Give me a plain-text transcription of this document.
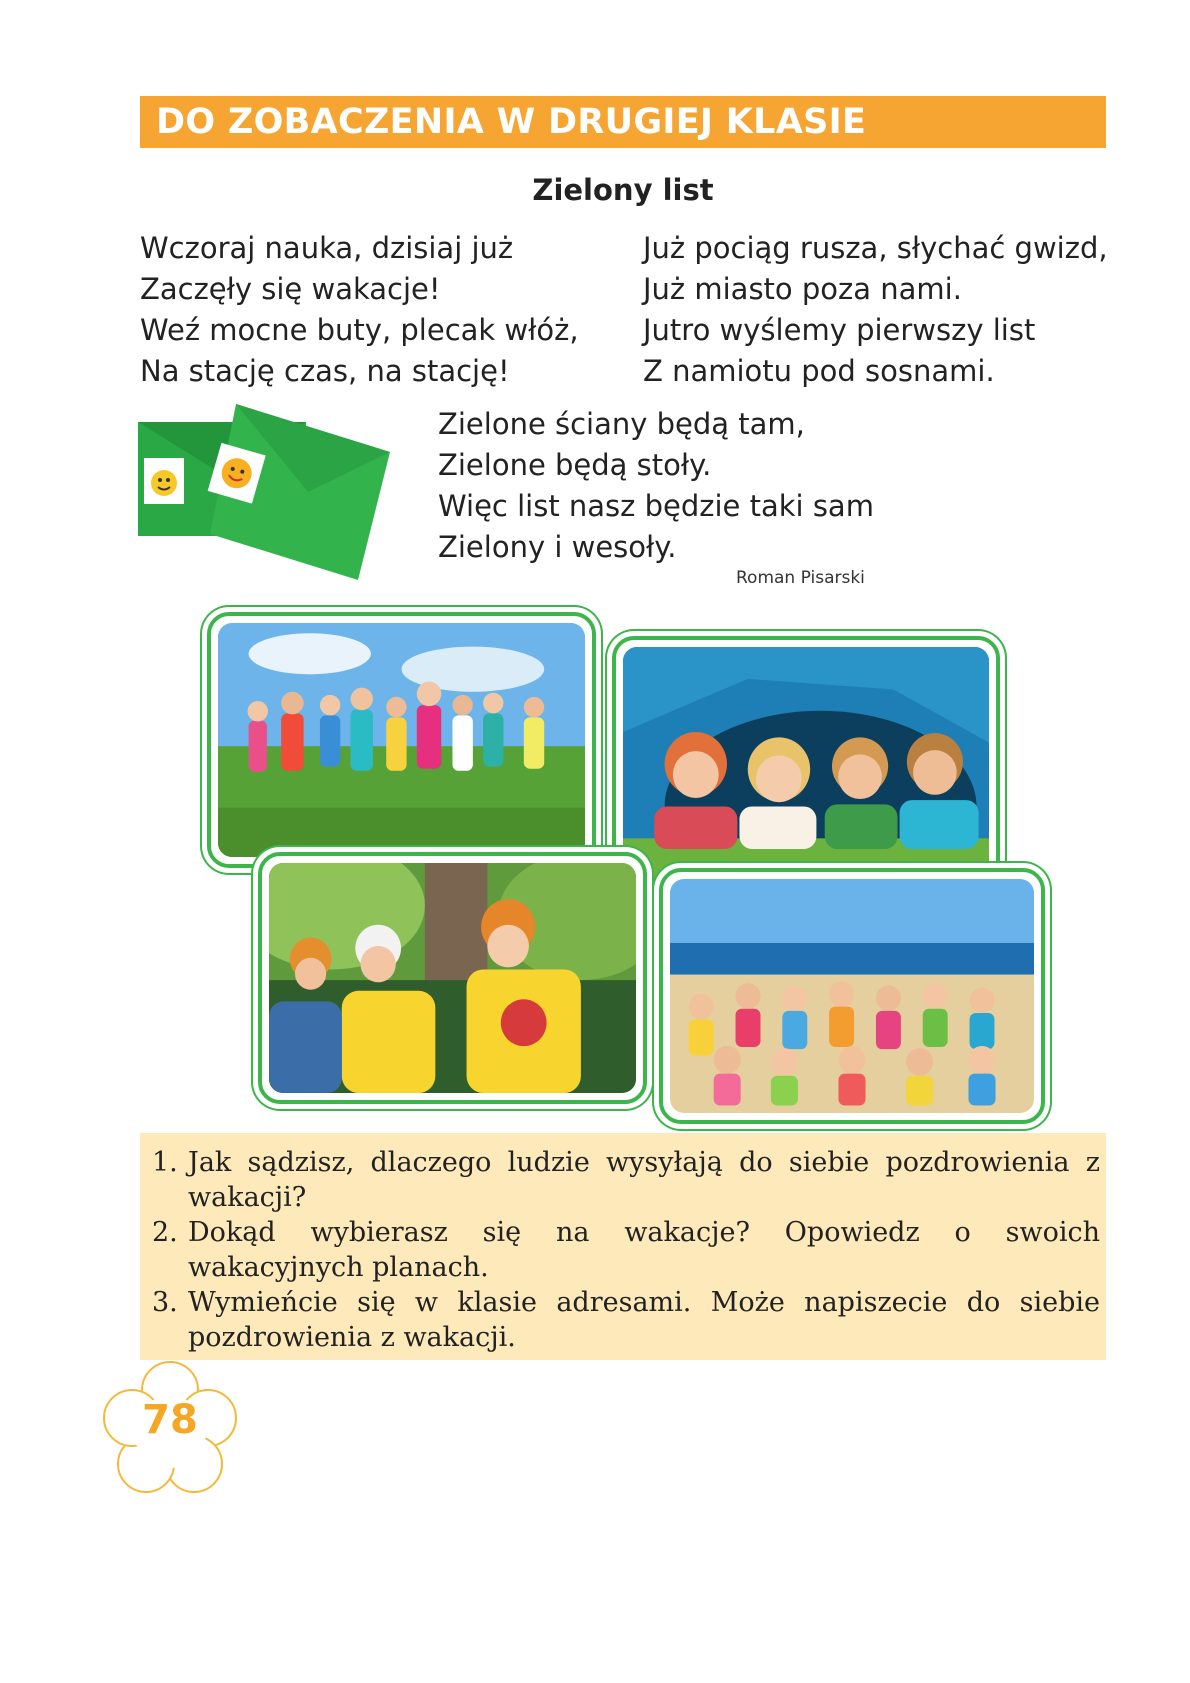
DO ZOBACZENIA W DRUGIEJ KLASIE
Zielony list
Wczoraj nauka, dzisiaj już
Zaczęły się wakacje!
Weź mocne buty, plecak włóż,
Na stację czas, na stację!
Już pociąg rusza, słychać gwizd,
Już miasto poza nami.
Jutro wyślemy pierwszy list
Z namiotu pod sosnami.
Zielone ściany będą tam,
Zielone będą stoły.
Więc list nasz będzie taki sam
Zielony i wesoły.
Roman Pisarski
1. Jak sądzisz, dlaczego ludzie wysyłają do siebie pozdrowienia z wakacji?
2. Dokąd wybierasz się na wakacje? Opowiedz o swoich wakacyjnych planach.
3. Wymieńcie się w klasie adresami. Może napiszecie do siebie pozdrowienia z wakacji.
78
